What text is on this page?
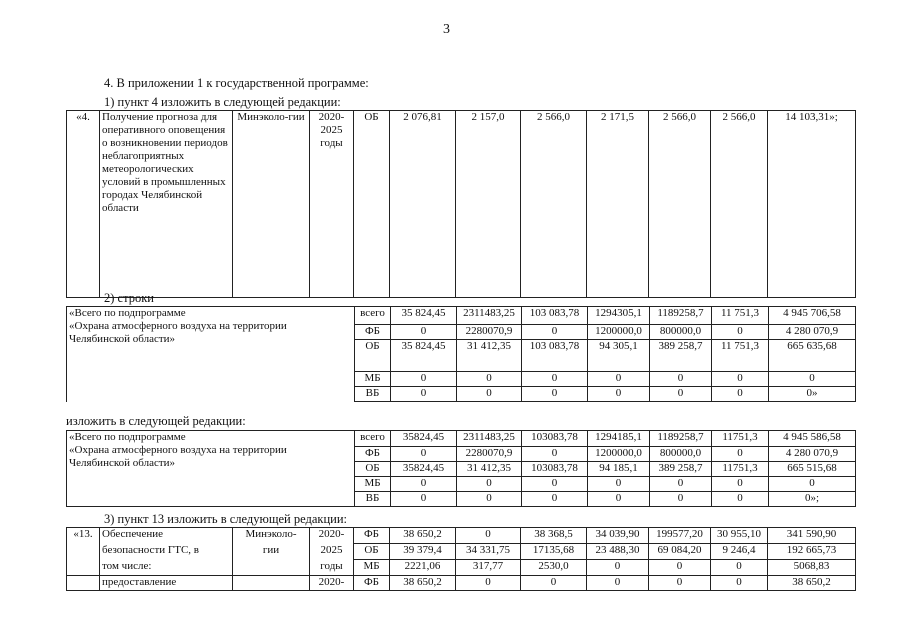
3
4. В приложении 1 к государственной программе:
1) пункт 4 изложить в следующей редакции:
«4.	Получение прогноза для оперативного оповещения о возникновении периодов неблагоприятных метеорологических условий в промышленных городах Челябинской области	Минэколо-гии	2020-2025 годы	ОБ	2 076,81	2 157,0	2 566,0	2 171,5	2 566,0	2 566,0	14 103,31»;
2) строки
«Всего по подпрограмме
«Охрана атмосферного воздуха на территории
Челябинской области»	всего	35 824,45	2311483,25	103 083,78	1294305,1	1189258,7	11 751,3	4 945 706,58
	ФБ	0	2280070,9	0	1200000,0	800000,0	0	4 280 070,9
	ОБ	35 824,45	31 412,35	103 083,78	94 305,1	389 258,7	11 751,3	665 635,68
	МБ	0	0	0	0	0	0	0
	ВБ	0	0	0	0	0	0	0»
изложить в следующей редакции:
«Всего по подпрограмме
«Охрана атмосферного воздуха на территории
Челябинской области»	всего	35824,45	2311483,25	103083,78	1294185,1	1189258,7	11751,3	4 945 586,58
	ФБ	0	2280070,9	0	1200000,0	800000,0	0	4 280 070,9
	ОБ	35824,45	31 412,35	103083,78	94 185,1	389 258,7	11751,3	665 515,68
	МБ	0	0	0	0	0	0	0
	ВБ	0	0	0	0	0	0	0»;
3) пункт 13 изложить в следующей редакции:
«13.	Обеспечение	Минэколо-	2020-	ФБ	38 650,2	0	38 368,5	34 039,90	199577,20	30 955,10	341 590,90
	безопасности ГТС, в	гии	2025	ОБ	39 379,4	34 331,75	17135,68	23 488,30	69 084,20	9 246,4	192 665,73
	том числе:		годы	МБ	2221,06	317,77	2530,0	0	0	0	5068,83
	предоставление		2020-	ФБ	38 650,2	0	0	0	0	0	38 650,2
